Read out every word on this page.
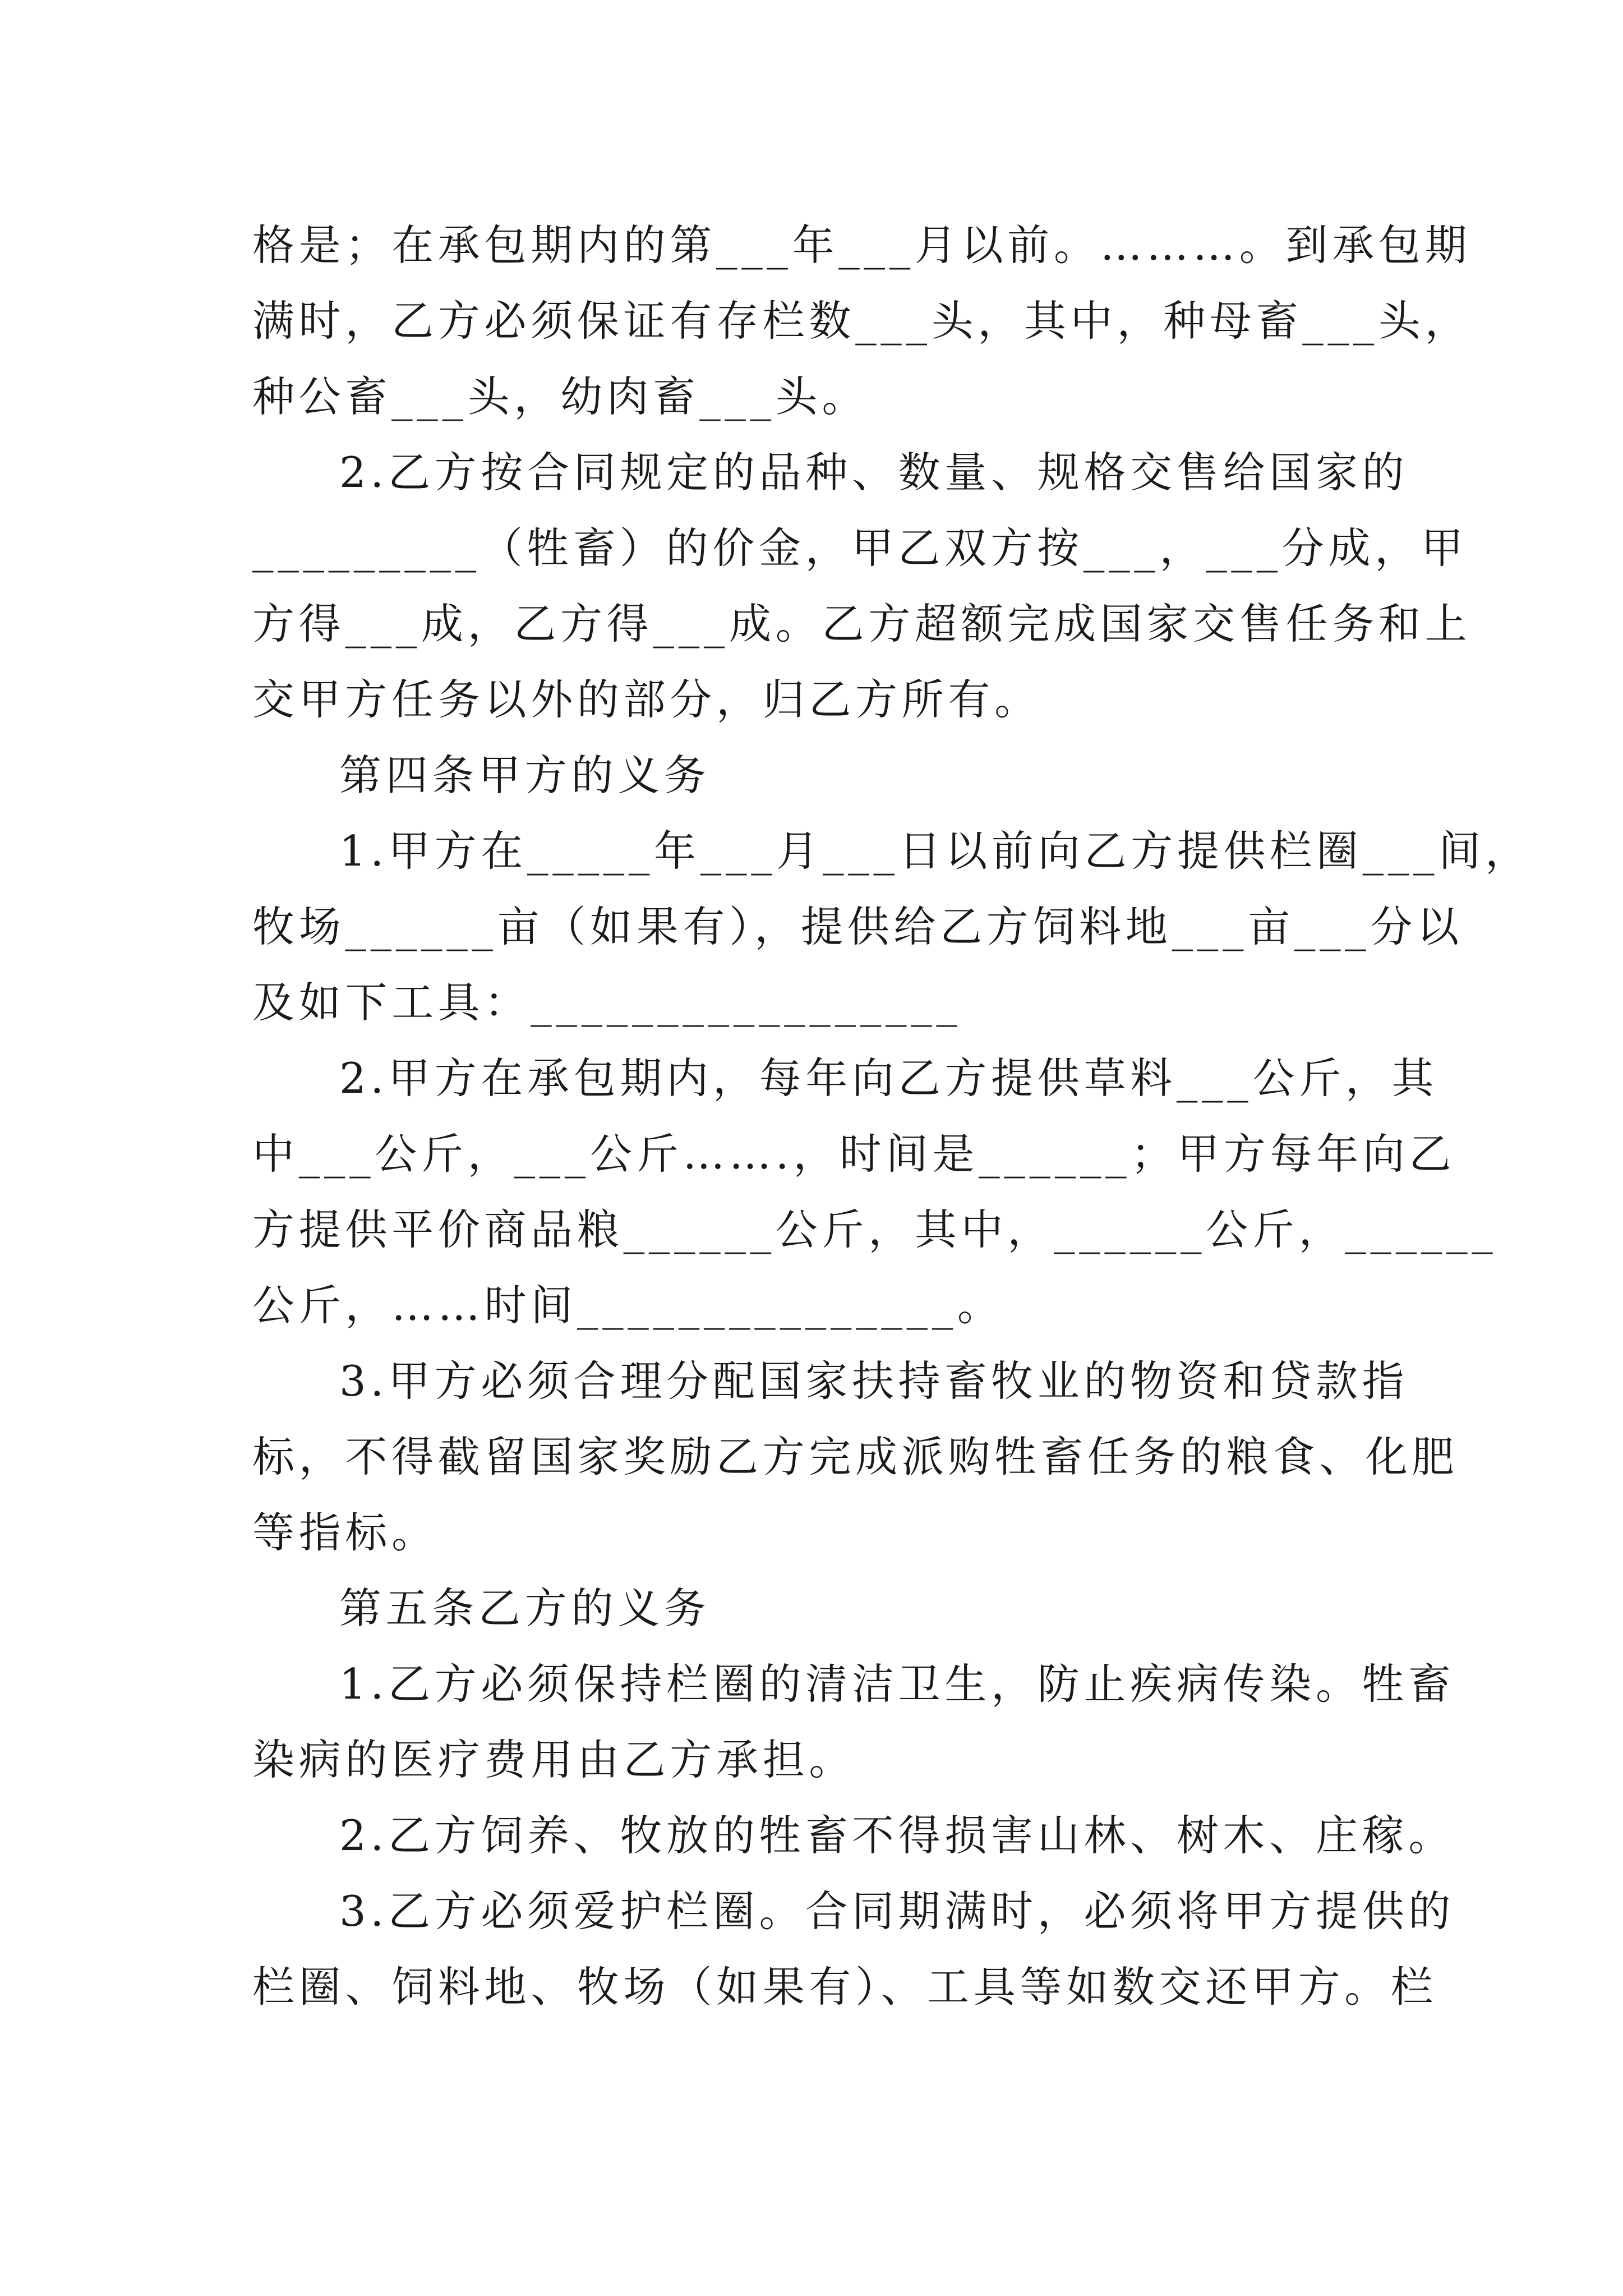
格是；在承包期内的第___年___月以前。………。到承包期
满时，乙方必须保证有存栏数___头，其中，种母畜___头，
种公畜___头，幼肉畜___头。
2.乙方按合同规定的品种、数量、规格交售给国家的
_________（牲畜）的价金，甲乙双方按___，___分成，甲
方得___成，乙方得___成。乙方超额完成国家交售任务和上
交甲方任务以外的部分，归乙方所有。
第四条甲方的义务
1.甲方在_____年___月___日以前向乙方提供栏圈___间，
牧场______亩（如果有），提供给乙方饲料地___亩___分以
及如下工具：_________________
2.甲方在承包期内，每年向乙方提供草料___公斤，其
中___公斤，___公斤…….，时间是______；甲方每年向乙
方提供平价商品粮______公斤，其中，______公斤，______
公斤，……时间_______________。
3.甲方必须合理分配国家扶持畜牧业的物资和贷款指
标，不得截留国家奖励乙方完成派购牲畜任务的粮食、化肥
等指标。
第五条乙方的义务
1.乙方必须保持栏圈的清洁卫生，防止疾病传染。牲畜
染病的医疗费用由乙方承担。
2.乙方饲养、牧放的牲畜不得损害山林、树木、庄稼。
3.乙方必须爱护栏圈。合同期满时，必须将甲方提供的
栏圈、饲料地、牧场（如果有）、工具等如数交还甲方。栏
